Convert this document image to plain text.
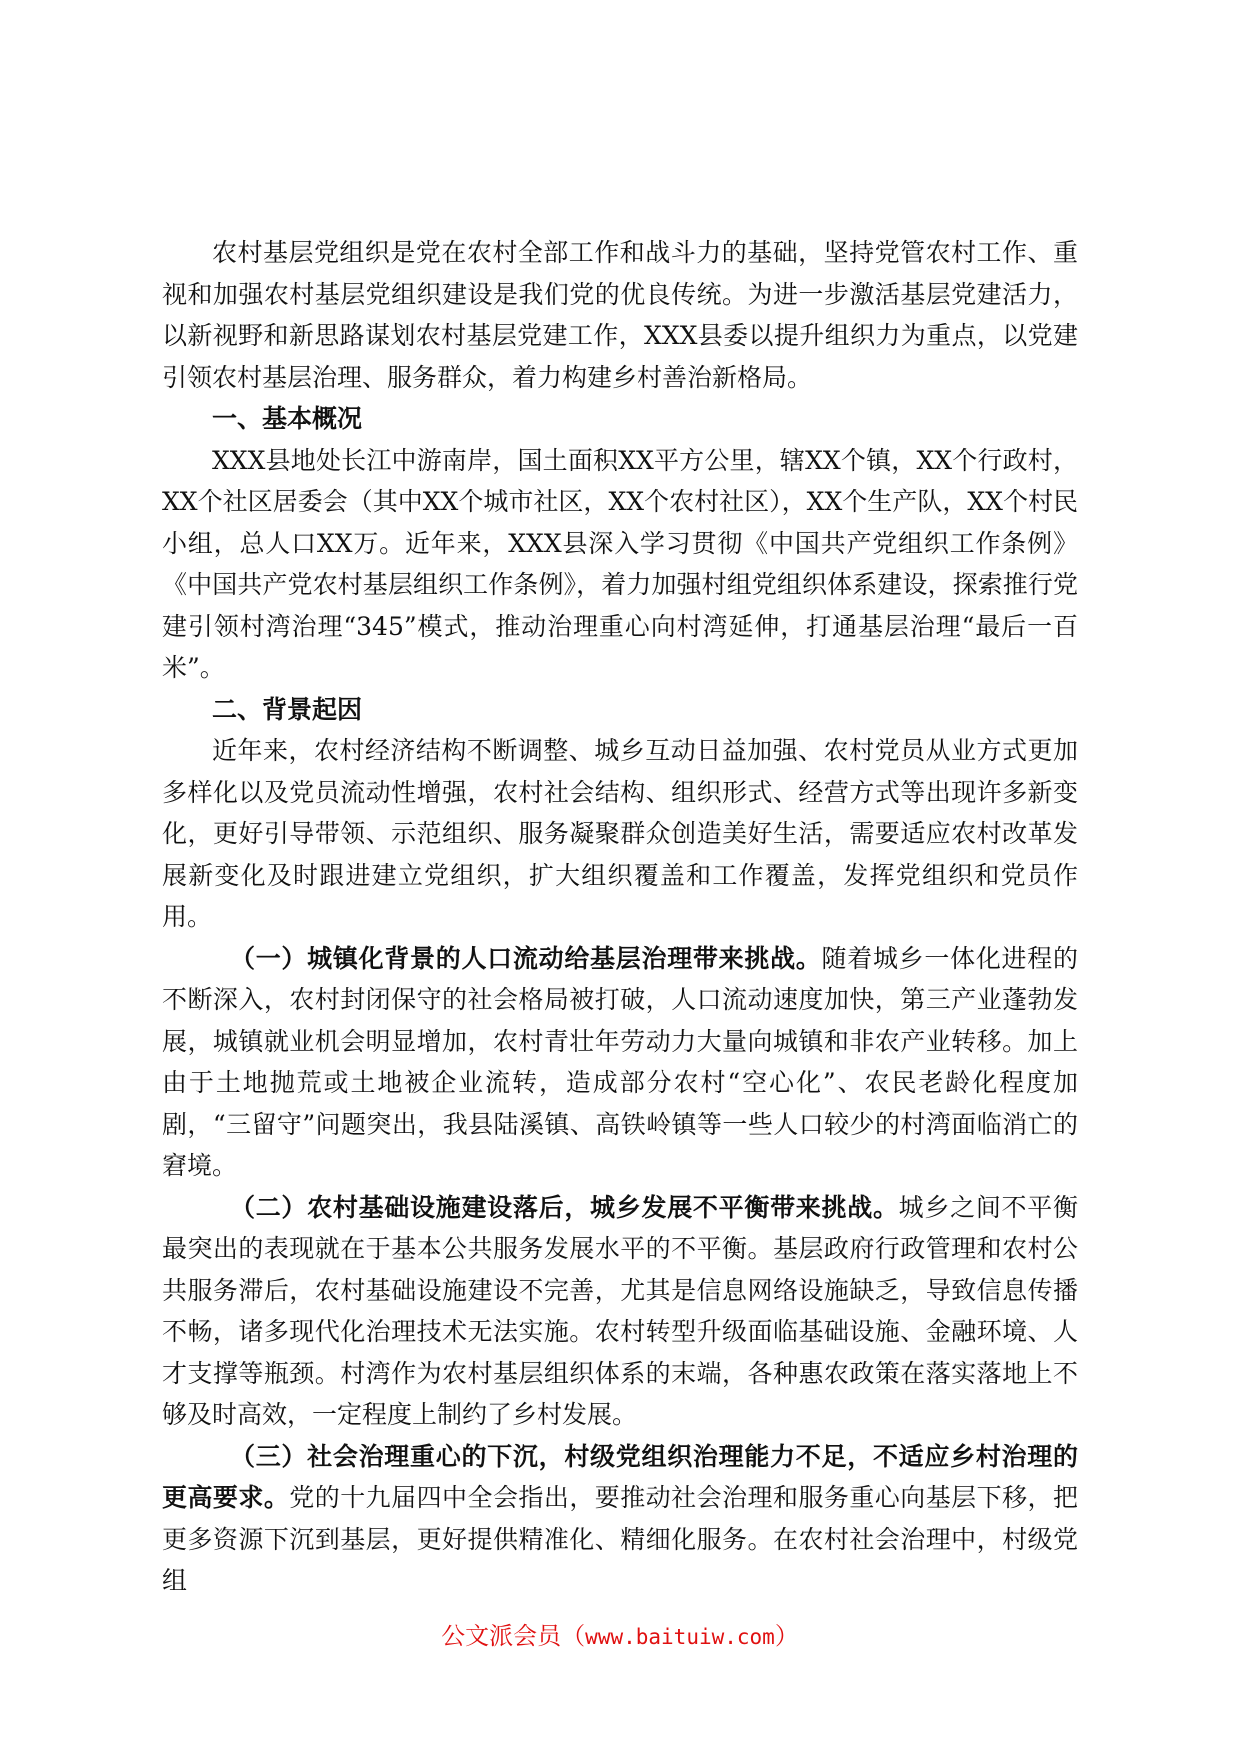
农村基层党组织是党在农村全部工作和战斗力的基础，坚持党管农村工作、重视和加强农村基层党组织建设是我们党的优良传统。为进一步激活基层党建活力，以新视野和新思路谋划农村基层党建工作，XXX县委以提升组织力为重点，以党建引领农村基层治理、服务群众，着力构建乡村善治新格局。

一、基本概况

XXX县地处长江中游南岸，国土面积XX平方公里，辖XX个镇，XX个行政村，XX个社区居委会（其中XX个城市社区，XX个农村社区），XX个生产队，XX个村民小组，总人口XX万。近年来，XXX县深入学习贯彻《中国共产党组织工作条例》《中国共产党农村基层组织工作条例》，着力加强村组党组织体系建设，探索推行党建引领村湾治理“345”模式，推动治理重心向村湾延伸，打通基层治理“最后一百米”。

二、背景起因

近年来，农村经济结构不断调整、城乡互动日益加强、农村党员从业方式更加多样化以及党员流动性增强，农村社会结构、组织形式、经营方式等出现许多新变化，更好引导带领、示范组织、服务凝聚群众创造美好生活，需要适应农村改革发展新变化及时跟进建立党组织，扩大组织覆盖和工作覆盖，发挥党组织和党员作用。

（一）城镇化背景的人口流动给基层治理带来挑战。随着城乡一体化进程的不断深入，农村封闭保守的社会格局被打破，人口流动速度加快，第三产业蓬勃发展，城镇就业机会明显增加，农村青壮年劳动力大量向城镇和非农产业转移。加上由于土地抛荒或土地被企业流转，造成部分农村“空心化”、农民老龄化程度加剧，“三留守”问题突出，我县陆溪镇、高铁岭镇等一些人口较少的村湾面临消亡的窘境。

（二）农村基础设施建设落后，城乡发展不平衡带来挑战。城乡之间不平衡最突出的表现就在于基本公共服务发展水平的不平衡。基层政府行政管理和农村公共服务滞后，农村基础设施建设不完善，尤其是信息网络设施缺乏，导致信息传播不畅，诸多现代化治理技术无法实施。农村转型升级面临基础设施、金融环境、人才支撑等瓶颈。村湾作为农村基层组织体系的末端，各种惠农政策在落实落地上不够及时高效，一定程度上制约了乡村发展。

（三）社会治理重心的下沉，村级党组织治理能力不足，不适应乡村治理的更高要求。党的十九届四中全会指出，要推动社会治理和服务重心向基层下移，把更多资源下沉到基层，更好提供精准化、精细化服务。在农村社会治理中，村级党组

公文派会员（www.baituiw.com）
